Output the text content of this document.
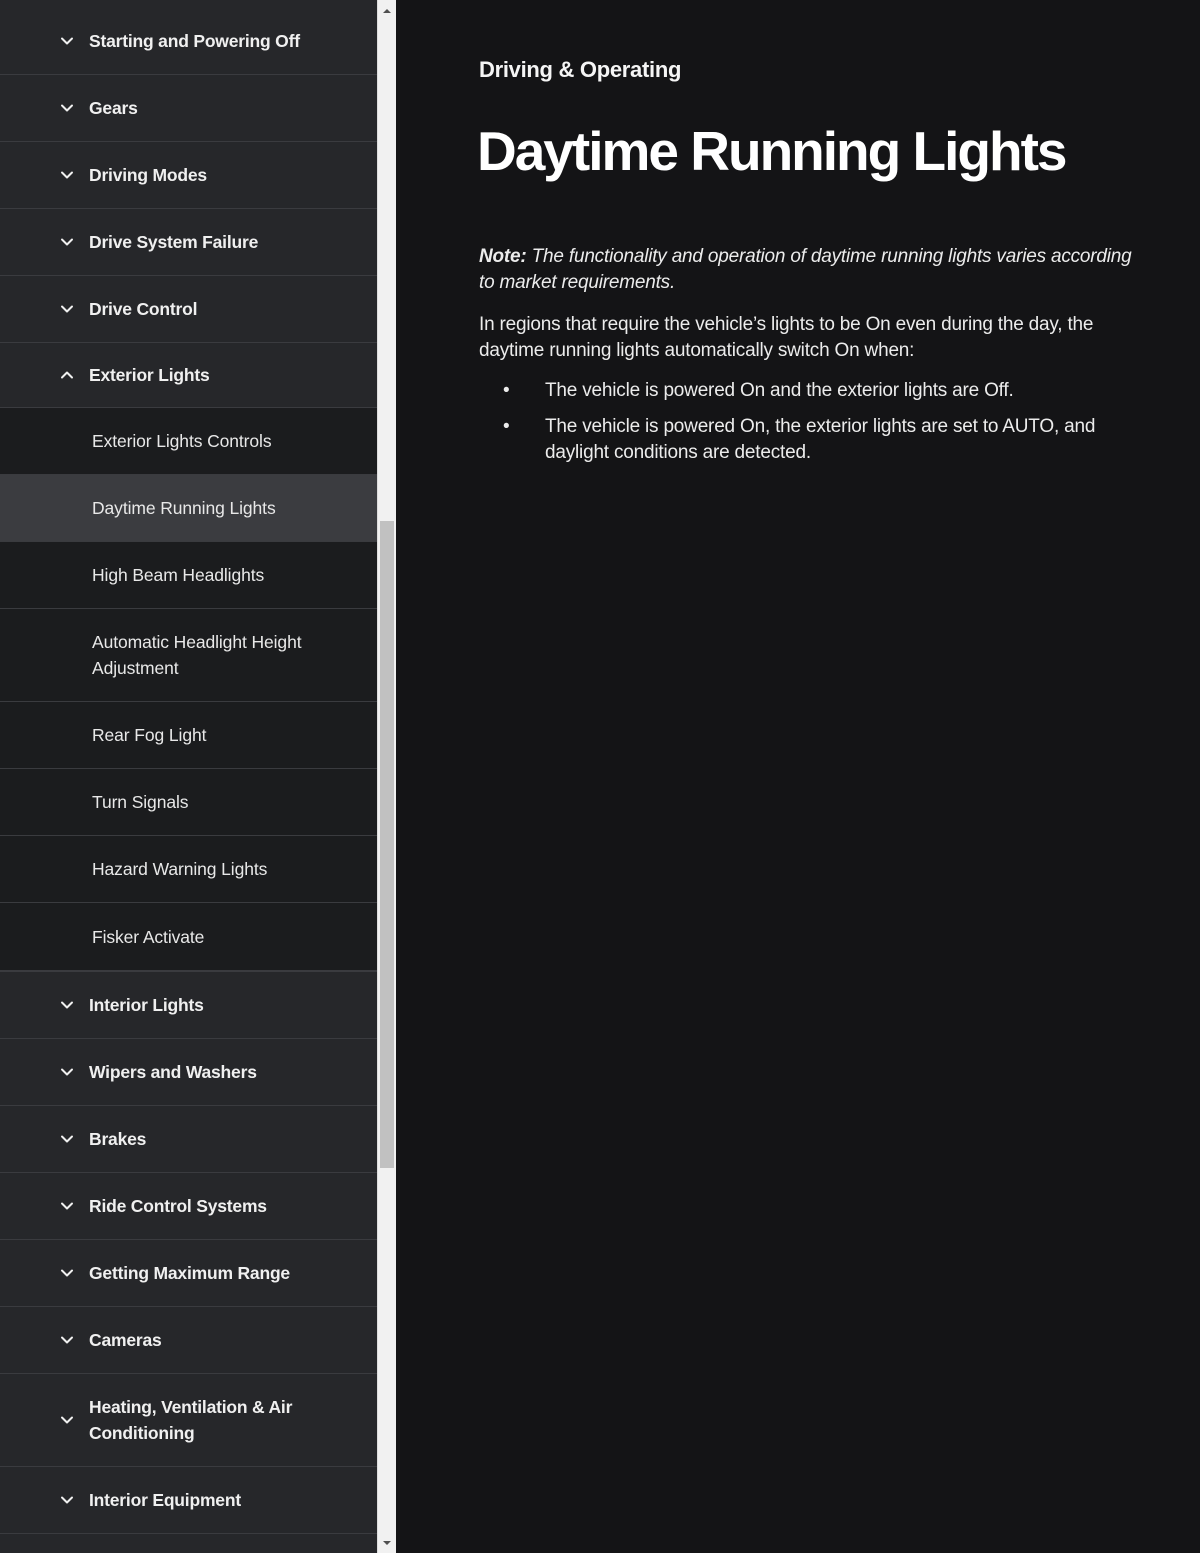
Starting and Powering Off
Gears
Driving Modes
Drive System Failure
Drive Control
Exterior Lights
Exterior Lights Controls
Daytime Running Lights
High Beam Headlights
Automatic Headlight Height Adjustment
Rear Fog Light
Turn Signals
Hazard Warning Lights
Fisker Activate
Interior Lights
Wipers and Washers
Brakes
Ride Control Systems
Getting Maximum Range
Cameras
Heating, Ventilation & Air Conditioning
Interior Equipment
Driving & Operating
Daytime Running Lights

Note: The functionality and operation of daytime running lights varies according to market requirements.

In regions that require the vehicle’s lights to be On even during the day, the daytime running lights automatically switch On when:

• The vehicle is powered On and the exterior lights are Off.
• The vehicle is powered On, the exterior lights are set to AUTO, and daylight conditions are detected.
